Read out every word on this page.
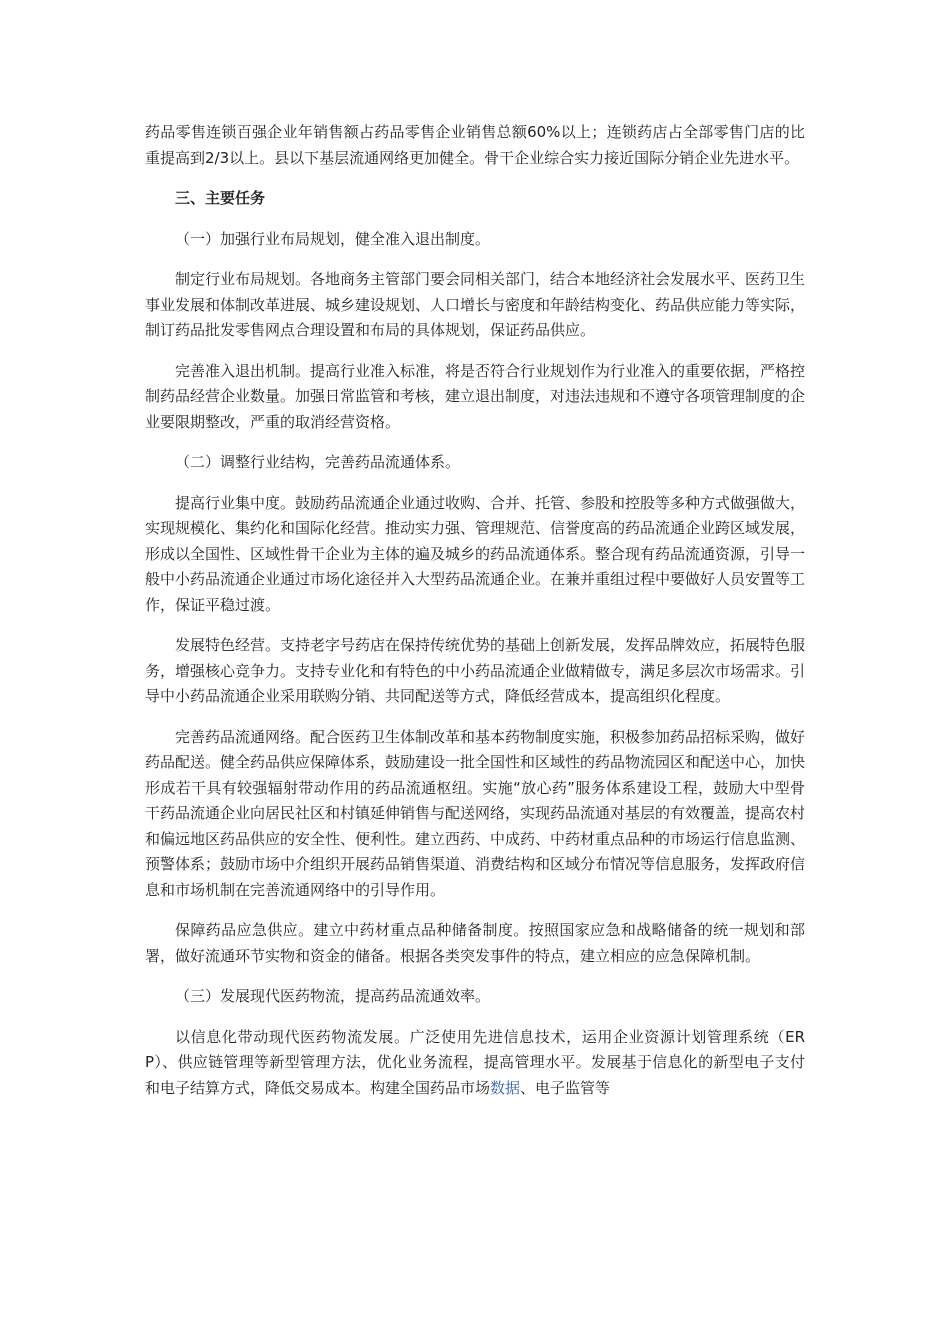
药品零售连锁百强企业年销售额占药品零售企业销售总额60%以上；连锁药店占全部零售门店的比重提高到2/3以上。县以下基层流通网络更加健全。骨干企业综合实力接近国际分销企业先进水平。

三、主要任务

（一）加强行业布局规划，健全准入退出制度。

制定行业布局规划。各地商务主管部门要会同相关部门，结合本地经济社会发展水平、医药卫生事业发展和体制改革进展、城乡建设规划、人口增长与密度和年龄结构变化、药品供应能力等实际，制订药品批发零售网点合理设置和布局的具体规划，保证药品供应。

完善准入退出机制。提高行业准入标准，将是否符合行业规划作为行业准入的重要依据，严格控制药品经营企业数量。加强日常监管和考核，建立退出制度，对违法违规和不遵守各项管理制度的企业要限期整改，严重的取消经营资格。

（二）调整行业结构，完善药品流通体系。

提高行业集中度。鼓励药品流通企业通过收购、合并、托管、参股和控股等多种方式做强做大，实现规模化、集约化和国际化经营。推动实力强、管理规范、信誉度高的药品流通企业跨区域发展，形成以全国性、区域性骨干企业为主体的遍及城乡的药品流通体系。整合现有药品流通资源，引导一般中小药品流通企业通过市场化途径并入大型药品流通企业。在兼并重组过程中要做好人员安置等工作，保证平稳过渡。

发展特色经营。支持老字号药店在保持传统优势的基础上创新发展，发挥品牌效应，拓展特色服务，增强核心竞争力。支持专业化和有特色的中小药品流通企业做精做专，满足多层次市场需求。引导中小药品流通企业采用联购分销、共同配送等方式，降低经营成本，提高组织化程度。

完善药品流通网络。配合医药卫生体制改革和基本药物制度实施，积极参加药品招标采购，做好药品配送。健全药品供应保障体系，鼓励建设一批全国性和区域性的药品物流园区和配送中心，加快形成若干具有较强辐射带动作用的药品流通枢纽。实施“放心药”服务体系建设工程，鼓励大中型骨干药品流通企业向居民社区和村镇延伸销售与配送网络，实现药品流通对基层的有效覆盖，提高农村和偏远地区药品供应的安全性、便利性。建立西药、中成药、中药材重点品种的市场运行信息监测、预警体系；鼓励市场中介组织开展药品销售渠道、消费结构和区域分布情况等信息服务，发挥政府信息和市场机制在完善流通网络中的引导作用。

保障药品应急供应。建立中药材重点品种储备制度。按照国家应急和战略储备的统一规划和部署，做好流通环节实物和资金的储备。根据各类突发事件的特点，建立相应的应急保障机制。

（三）发展现代医药物流，提高药品流通效率。

以信息化带动现代医药物流发展。广泛使用先进信息技术，运用企业资源计划管理系统（ERP）、供应链管理等新型管理方法，优化业务流程，提高管理水平。发展基于信息化的新型电子支付和电子结算方式，降低交易成本。构建全国药品市场数据、电子监管等
